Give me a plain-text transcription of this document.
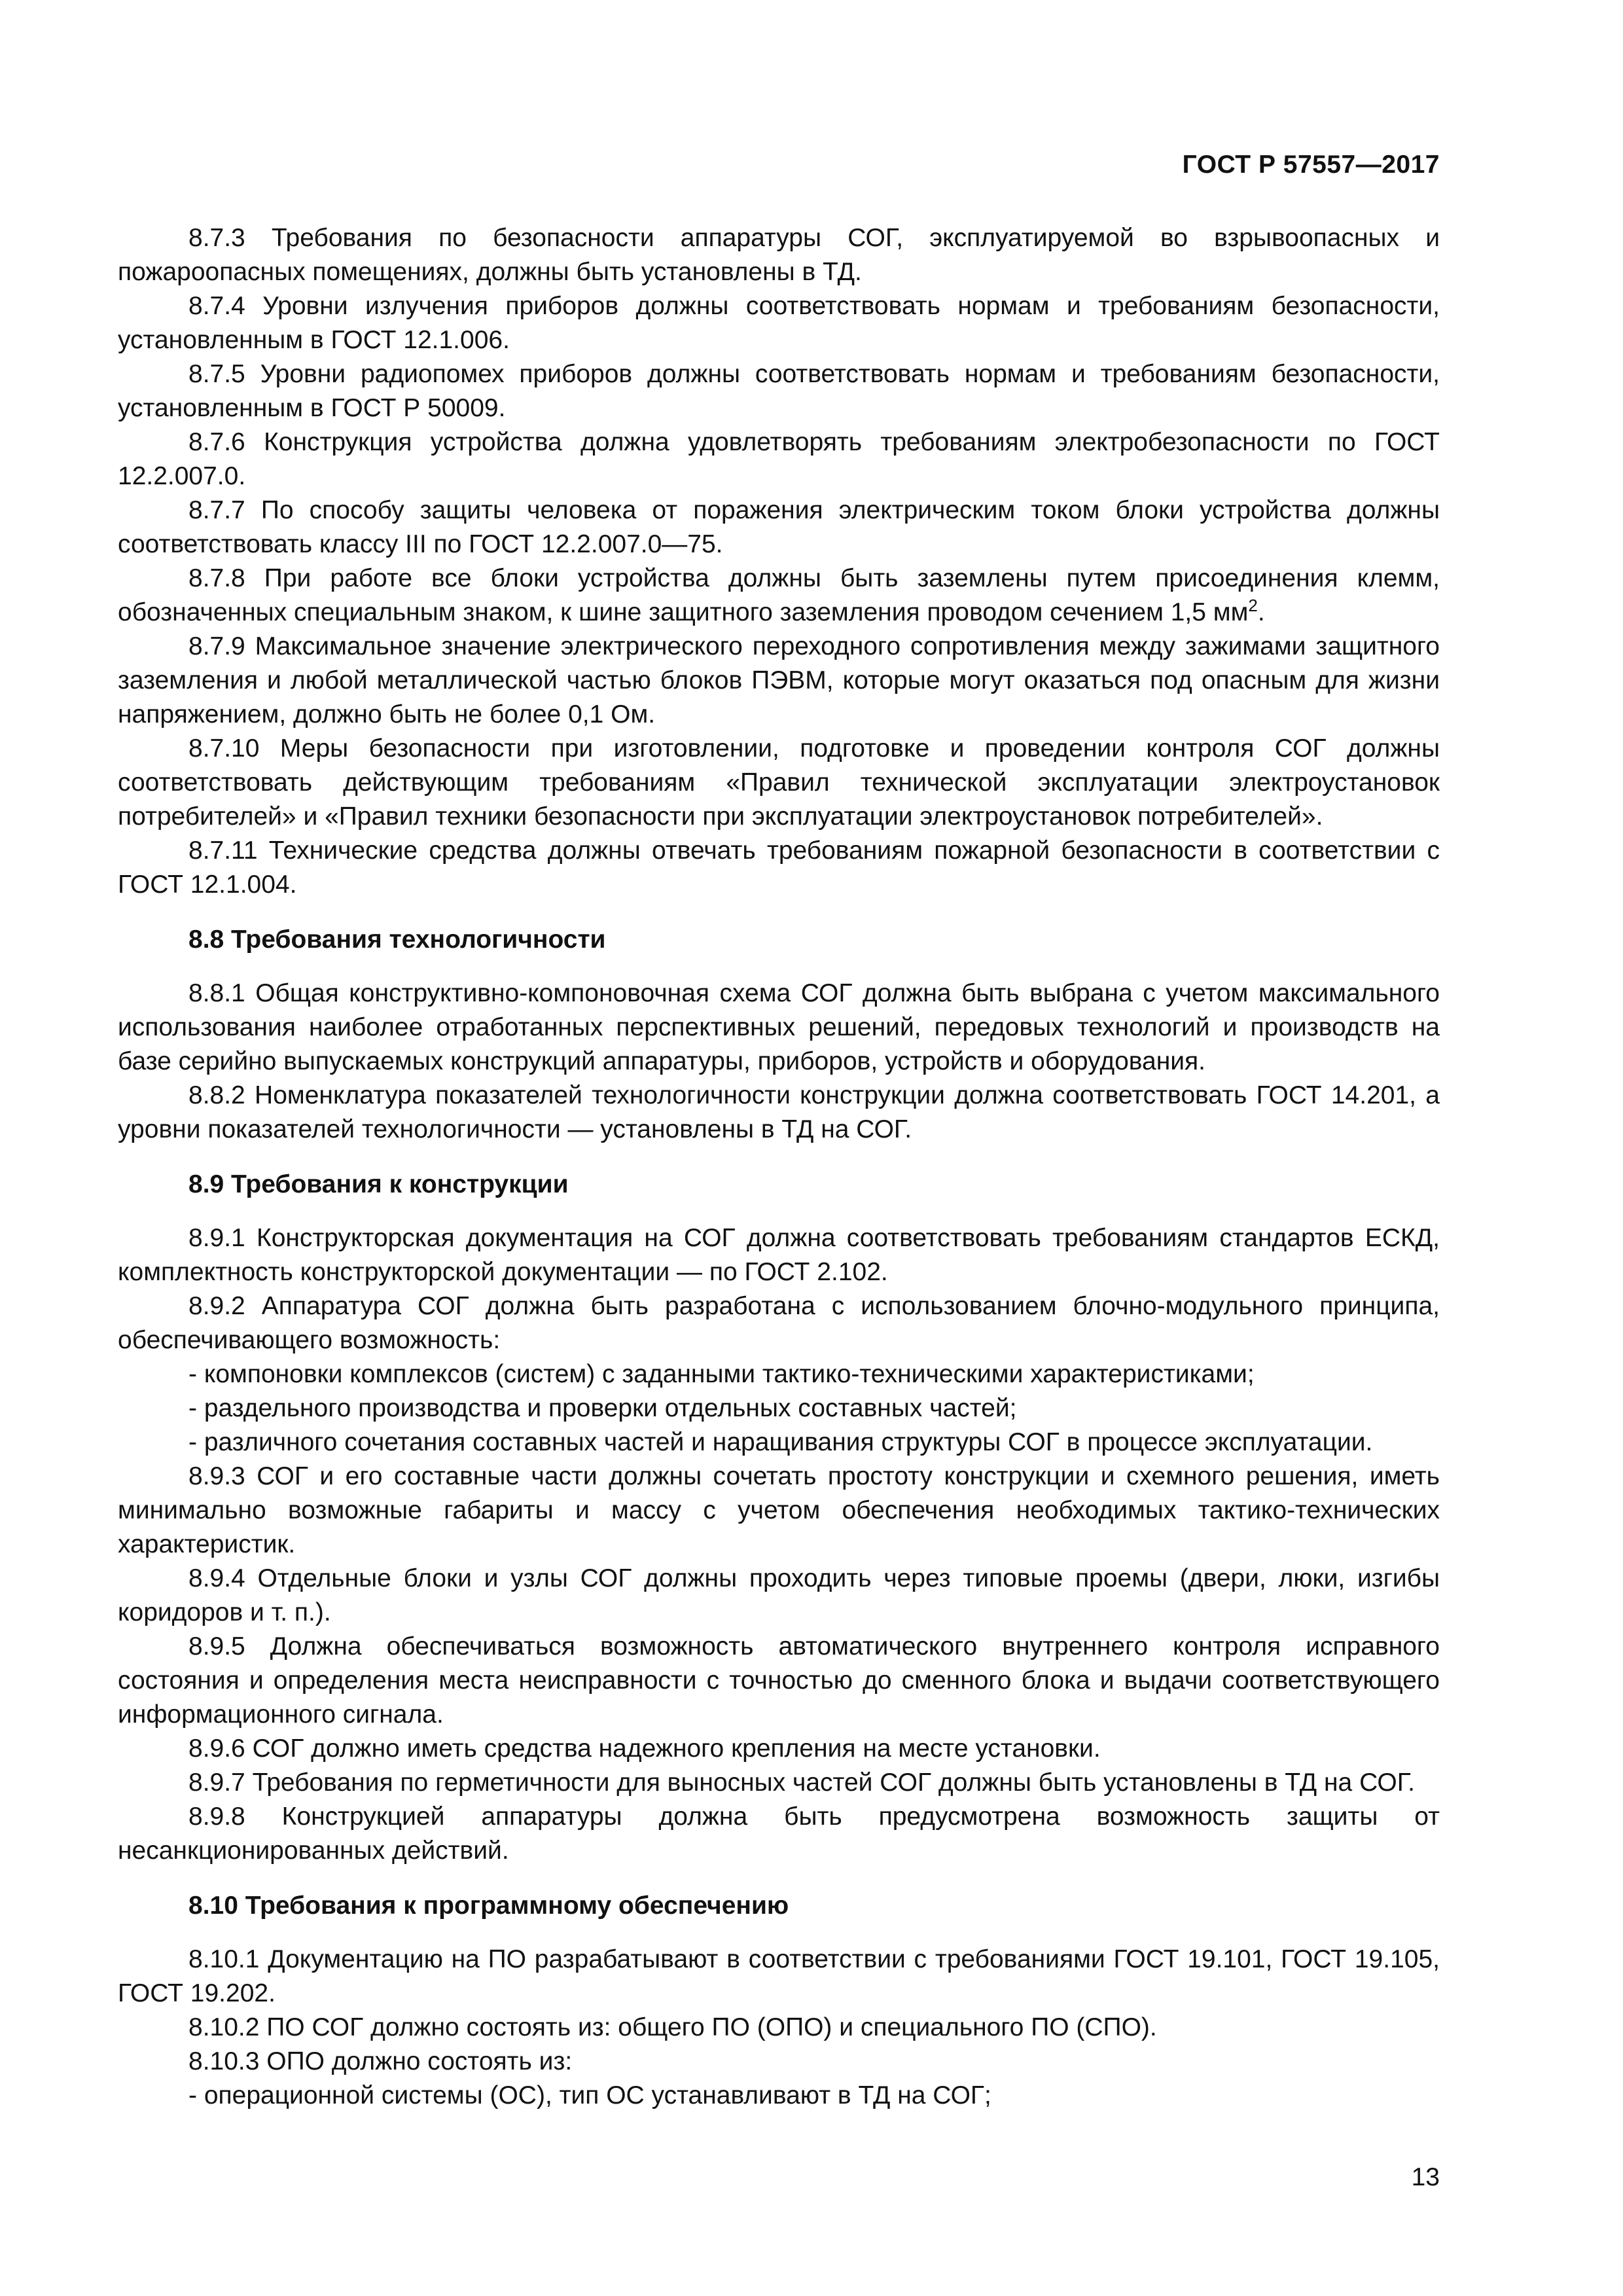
ГОСТ Р 57557—2017
8.7.3 Требования по безопасности аппаратуры СОГ, эксплуатируемой во взрывоопасных и пожароопасных помещениях, должны быть установлены в ТД.
8.7.4 Уровни излучения приборов должны соответствовать нормам и требованиям безопасности, установленным в ГОСТ 12.1.006.
8.7.5 Уровни радиопомех приборов должны соответствовать нормам и требованиям безопасности, установленным в ГОСТ Р 50009.
8.7.6 Конструкция устройства должна удовлетворять требованиям электробезопасности по ГОСТ 12.2.007.0.
8.7.7 По способу защиты человека от поражения электрическим током блоки устройства должны соответствовать классу III по ГОСТ 12.2.007.0—75.
8.7.8 При работе все блоки устройства должны быть заземлены путем присоединения клемм, обозначенных специальным знаком, к шине защитного заземления проводом сечением 1,5 $мм^2$.
8.7.9 Максимальное значение электрического переходного сопротивления между зажимами защитного заземления и любой металлической частью блоков ПЭВМ, которые могут оказаться под опасным для жизни напряжением, должно быть не более 0,1 Ом.
8.7.10 Меры безопасности при изготовлении, подготовке и проведении контроля СОГ должны соответствовать действующим требованиям «Правил технической эксплуатации электроустановок потребителей» и «Правил техники безопасности при эксплуатации электроустановок потребителей».
8.7.11 Технические средства должны отвечать требованиям пожарной безопасности в соответствии с ГОСТ 12.1.004.
8.8 Требования технологичности
8.8.1 Общая конструктивно-компоновочная схема СОГ должна быть выбрана с учетом максимального использования наиболее отработанных перспективных решений, передовых технологий и производств на базе серийно выпускаемых конструкций аппаратуры, приборов, устройств и оборудования.
8.8.2 Номенклатура показателей технологичности конструкции должна соответствовать ГОСТ 14.201, а уровни показателей технологичности — установлены в ТД на СОГ.
8.9 Требования к конструкции
8.9.1 Конструкторская документация на СОГ должна соответствовать требованиям стандартов ЕСКД, комплектность конструкторской документации — по ГОСТ 2.102.
8.9.2 Аппаратура СОГ должна быть разработана с использованием блочно-модульного принципа, обеспечивающего возможность:
- компоновки комплексов (систем) с заданными тактико-техническими характеристиками;
- раздельного производства и проверки отдельных составных частей;
- различного сочетания составных частей и наращивания структуры СОГ в процессе эксплуатации.
8.9.3 СОГ и его составные части должны сочетать простоту конструкции и схемного решения, иметь минимально возможные габариты и массу с учетом обеспечения необходимых тактико-технических характеристик.
8.9.4 Отдельные блоки и узлы СОГ должны проходить через типовые проемы (двери, люки, изгибы коридоров и т. п.).
8.9.5 Должна обеспечиваться возможность автоматического внутреннего контроля исправного состояния и определения места неисправности с точностью до сменного блока и выдачи соответствующего информационного сигнала.
8.9.6 СОГ должно иметь средства надежного крепления на месте установки.
8.9.7 Требования по герметичности для выносных частей СОГ должны быть установлены в ТД на СОГ.
8.9.8 Конструкцией аппаратуры должна быть предусмотрена возможность защиты от несанкционированных действий.
8.10 Требования к программному обеспечению
8.10.1 Документацию на ПО разрабатывают в соответствии с требованиями ГОСТ 19.101, ГОСТ 19.105, ГОСТ 19.202.
8.10.2 ПО СОГ должно состоять из: общего ПО (ОПО) и специального ПО (СПО).
8.10.3 ОПО должно состоять из:
- операционной системы (ОС), тип ОС устанавливают в ТД на СОГ;
13
